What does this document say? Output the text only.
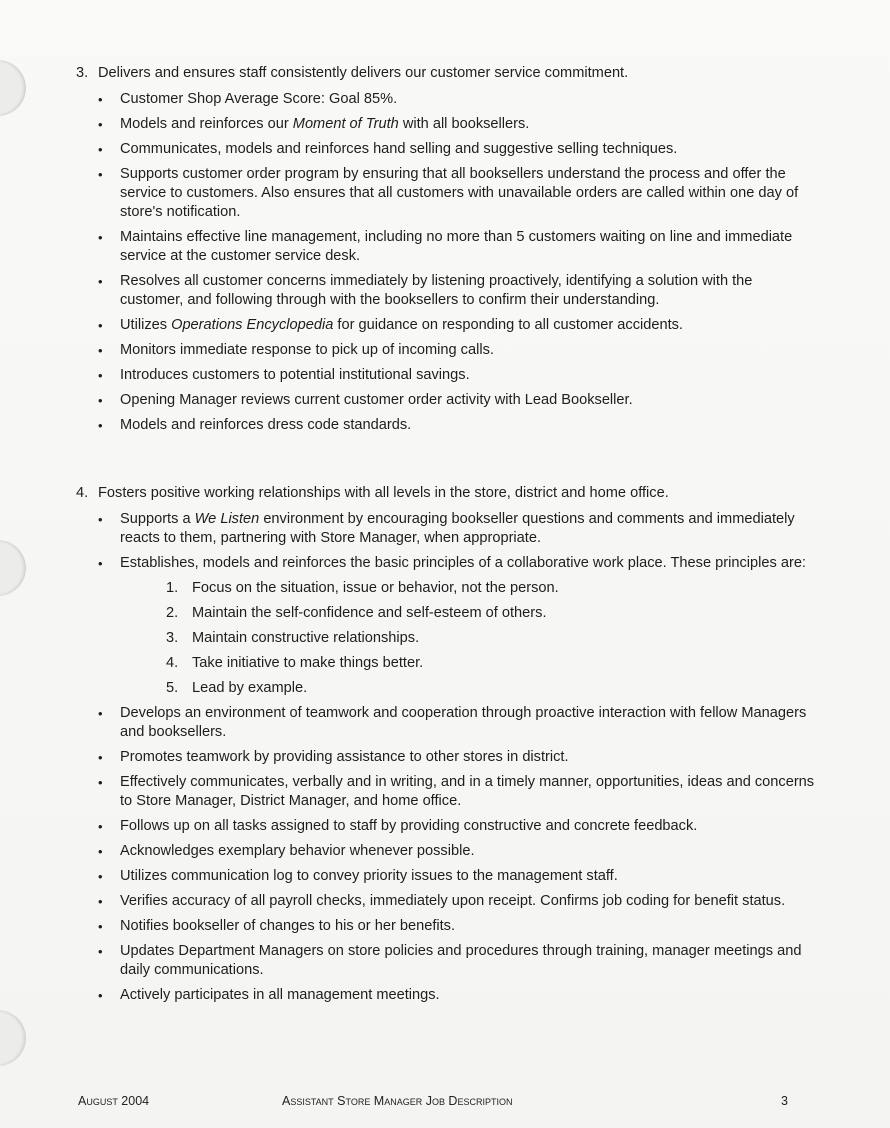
3. Delivers and ensures staff consistently delivers our customer service commitment.
• Customer Shop Average Score: Goal 85%.
• Models and reinforces our Moment of Truth with all booksellers.
• Communicates, models and reinforces hand selling and suggestive selling techniques.
• Supports customer order program by ensuring that all booksellers understand the process and offer the service to customers. Also ensures that all customers with unavailable orders are called within one day of store's notification.
• Maintains effective line management, including no more than 5 customers waiting on line and immediate service at the customer service desk.
• Resolves all customer concerns immediately by listening proactively, identifying a solution with the customer, and following through with the booksellers to confirm their understanding.
• Utilizes Operations Encyclopedia for guidance on responding to all customer accidents.
• Monitors immediate response to pick up of incoming calls.
• Introduces customers to potential institutional savings.
• Opening Manager reviews current customer order activity with Lead Bookseller.
• Models and reinforces dress code standards.
4. Fosters positive working relationships with all levels in the store, district and home office.
• Supports a We Listen environment by encouraging bookseller questions and comments and immediately reacts to them, partnering with Store Manager, when appropriate.
• Establishes, models and reinforces the basic principles of a collaborative work place. These principles are:
1. Focus on the situation, issue or behavior, not the person.
2. Maintain the self-confidence and self-esteem of others.
3. Maintain constructive relationships.
4. Take initiative to make things better.
5. Lead by example.
• Develops an environment of teamwork and cooperation through proactive interaction with fellow Managers and booksellers.
• Promotes teamwork by providing assistance to other stores in district.
• Effectively communicates, verbally and in writing, and in a timely manner, opportunities, ideas and concerns to Store Manager, District Manager, and home office.
• Follows up on all tasks assigned to staff by providing constructive and concrete feedback.
• Acknowledges exemplary behavior whenever possible.
• Utilizes communication log to convey priority issues to the management staff.
• Verifies accuracy of all payroll checks, immediately upon receipt. Confirms job coding for benefit status.
• Notifies bookseller of changes to his or her benefits.
• Updates Department Managers on store policies and procedures through training, manager meetings and daily communications.
• Actively participates in all management meetings.
August 2004	Assistant Store Manager Job Description	3
